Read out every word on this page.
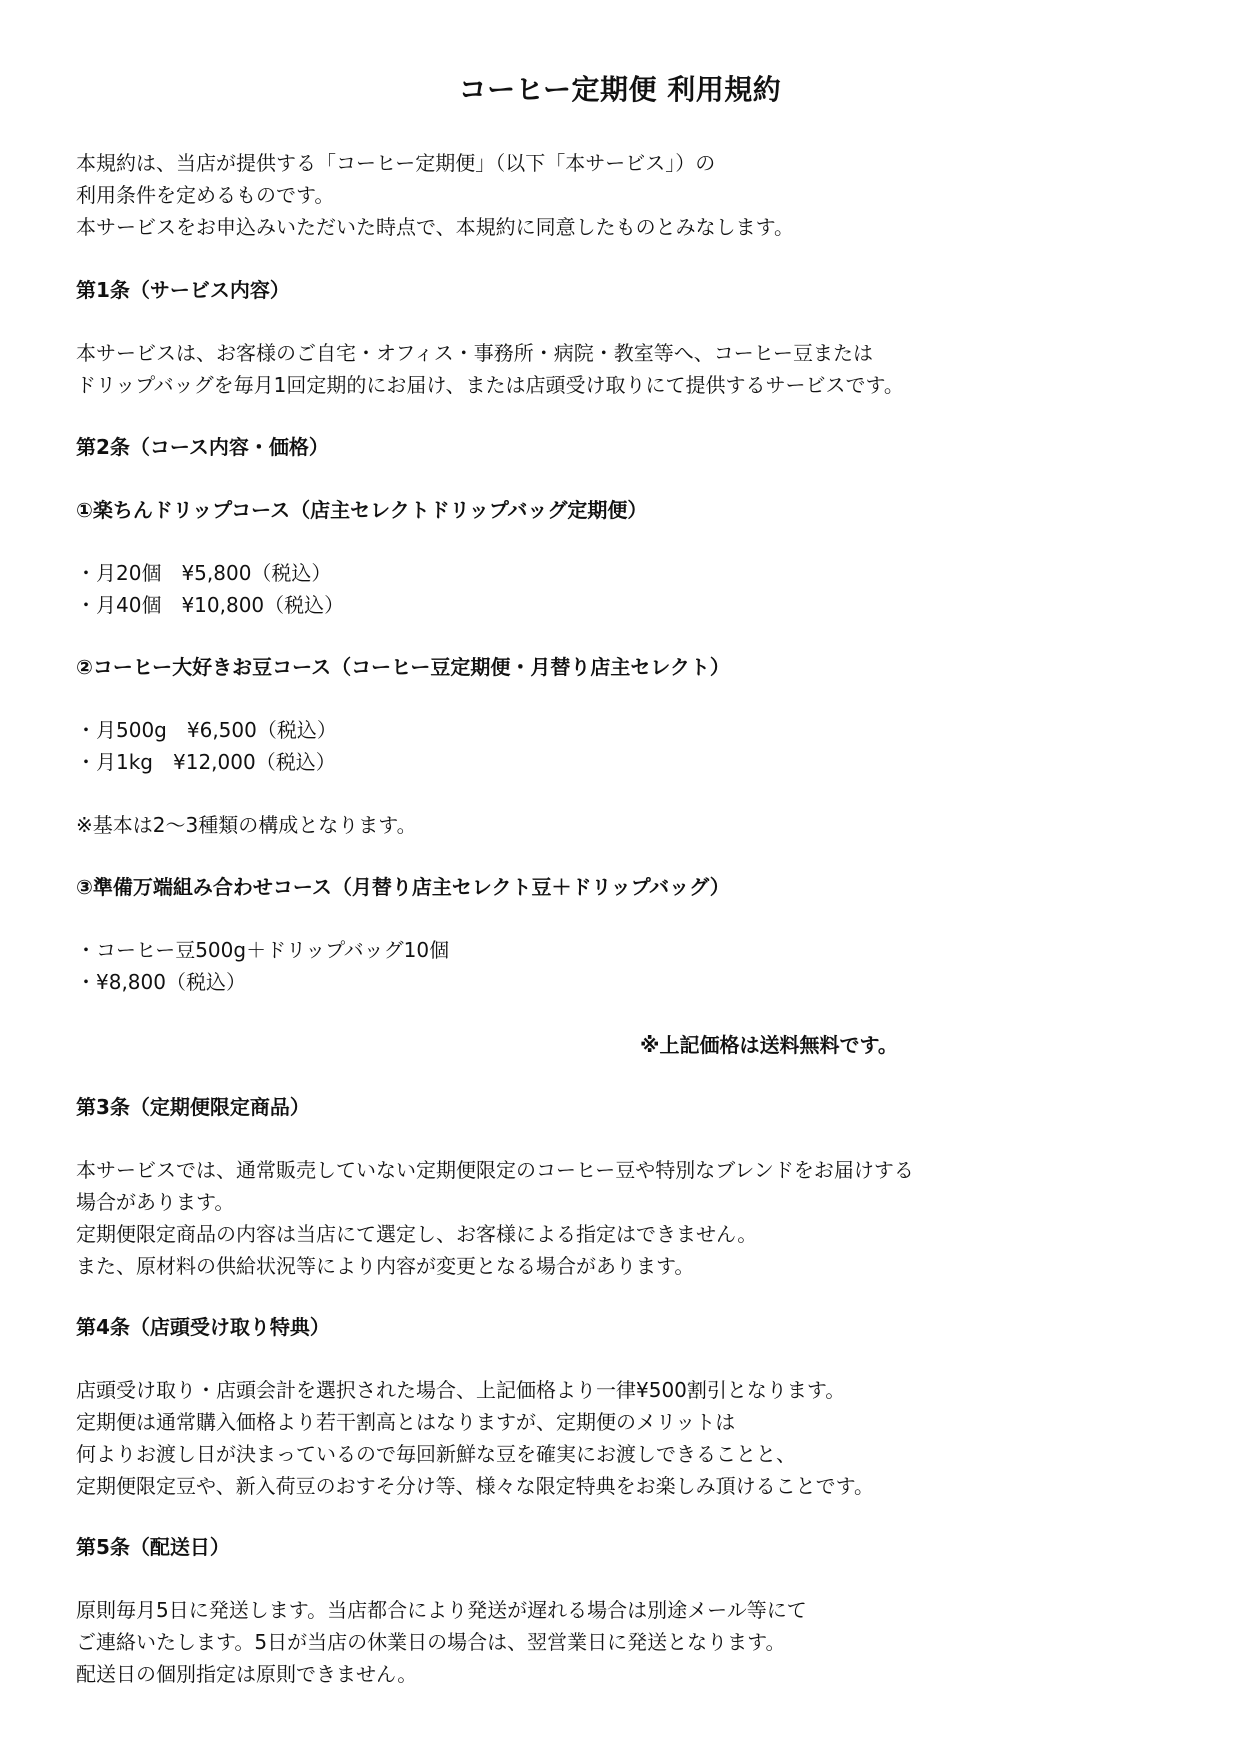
コーヒー定期便 利用規約

本規約は、当店が提供する「コーヒー定期便」（以下「本サービス」）の

利用条件を定めるものです。

本サービスをお申込みいただいた時点で、本規約に同意したものとみなします。

第1条（サービス内容）

本サービスは、お客様のご自宅・オフィス・事務所・病院・教室等へ、コーヒー豆または

ドリップバッグを毎月1回定期的にお届け、または店頭受け取りにて提供するサービスです。

第2条（コース内容・価格）

①楽ちんドリップコース（店主セレクトドリップバッグ定期便）

・月20個　¥5,800（税込）

・月40個　¥10,800（税込）

②コーヒー大好きお豆コース（コーヒー豆定期便・月替り店主セレクト）

・月500g　¥6,500（税込）

・月1kg　¥12,000（税込）

※基本は2〜3種類の構成となります。

③準備万端組み合わせコース（月替り店主セレクト豆＋ドリップバッグ）

・コーヒー豆500g＋ドリップバッグ10個

・¥8,800（税込）

※上記価格は送料無料です。

第3条（定期便限定商品）

本サービスでは、通常販売していない定期便限定のコーヒー豆や特別なブレンドをお届けする

場合があります。

定期便限定商品の内容は当店にて選定し、お客様による指定はできません。

また、原材料の供給状況等により内容が変更となる場合があります。

第4条（店頭受け取り特典）

店頭受け取り・店頭会計を選択された場合、上記価格より一律¥500割引となります。

定期便は通常購入価格より若干割高とはなりますが、定期便のメリットは

何よりお渡し日が決まっているので毎回新鮮な豆を確実にお渡しできることと、

定期便限定豆や、新入荷豆のおすそ分け等、様々な限定特典をお楽しみ頂けることです。

第5条（配送日）

原則毎月5日に発送します。当店都合により発送が遅れる場合は別途メール等にて

ご連絡いたします。5日が当店の休業日の場合は、翌営業日に発送となります。

配送日の個別指定は原則できません。
